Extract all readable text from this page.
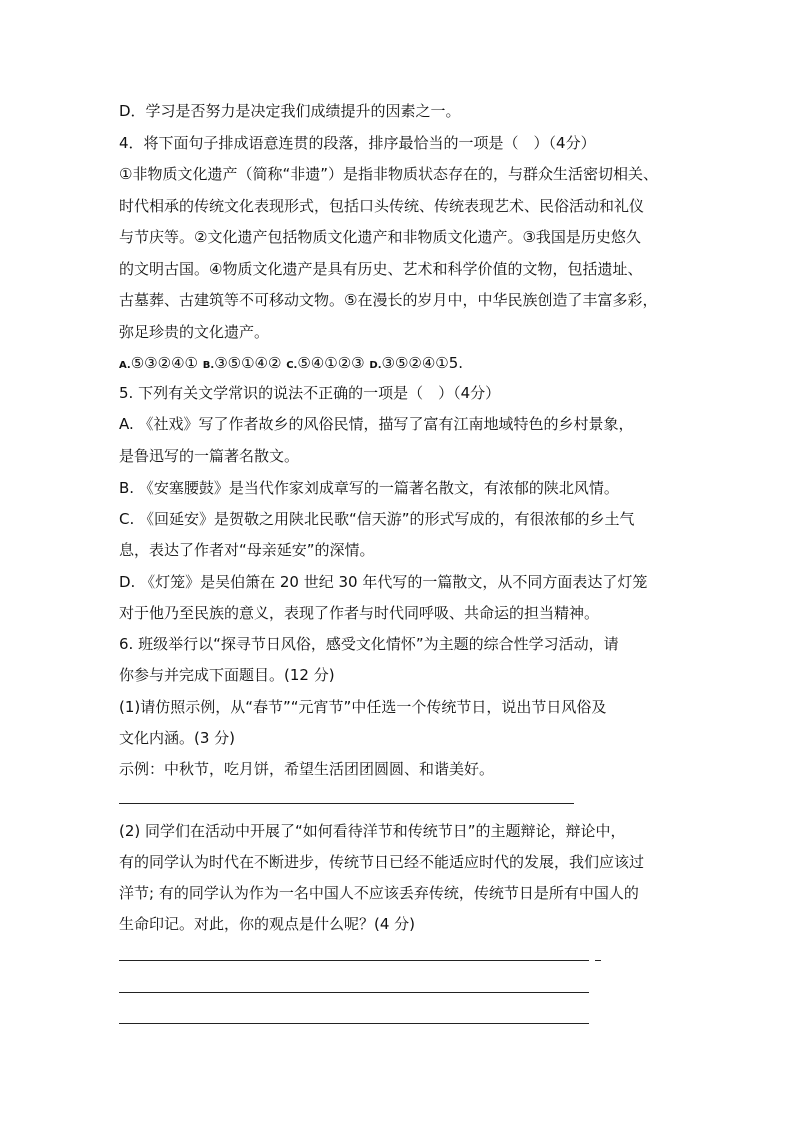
D．学习是否努力是决定我们成绩提升的因素之一。
4．将下面句子排成语意连贯的段落，排序最恰当的一项是（　）（4分）
①非物质文化遗产（简称“非遗”）是指非物质状态存在的，与群众生活密切相关、
时代相承的传统文化表现形式，包括口头传统、传统表现艺术、民俗活动和礼仪
与节庆等。②文化遗产包括物质文化遗产和非物质文化遗产。③我国是历史悠久
的文明古国。④物质文化遗产是具有历史、艺术和科学价值的文物，包括遗址、
古墓葬、古建筑等不可移动文物。⑤在漫长的岁月中，中华民族创造了丰富多彩，
弥足珍贵的文化遗产。
A.⑤③②④① B.③⑤①④② C.⑤④①②③ D.③⑤②④①5.
5. 下列有关文学常识的说法不正确的一项是（　）（4分）
A. 《社戏》写了作者故乡的风俗民情，描写了富有江南地域特色的乡村景象，
是鲁迅写的一篇著名散文。
B. 《安塞腰鼓》是当代作家刘成章写的一篇著名散文，有浓郁的陕北风情。
C. 《回延安》是贺敬之用陕北民歌“信天游”的形式写成的，有很浓郁的乡土气
息，表达了作者对“母亲延安”的深情。
D. 《灯笼》是吴伯箫在 20 世纪 30 年代写的一篇散文，从不同方面表达了灯笼
对于他乃至民族的意义，表现了作者与时代同呼吸、共命运的担当精神。
6. 班级举行以“探寻节日风俗，感受文化情怀”为主题的综合性学习活动，请
你参与并完成下面题目。(12 分)
(1)请仿照示例，从“春节”“元宵节”中任选一个传统节日，说出节日风俗及
文化内涵。(3 分)
示例：中秋节，吃月饼，希望生活团团圆圆、和谐美好。
(2) 同学们在活动中开展了“如何看待洋节和传统节日”的主题辩论，辩论中，
有的同学认为时代在不断进步，传统节日已经不能适应时代的发展，我们应该过
洋节; 有的同学认为作为一名中国人不应该丢弃传统，传统节日是所有中国人的
生命印记。对此，你的观点是什么呢？(4 分)
